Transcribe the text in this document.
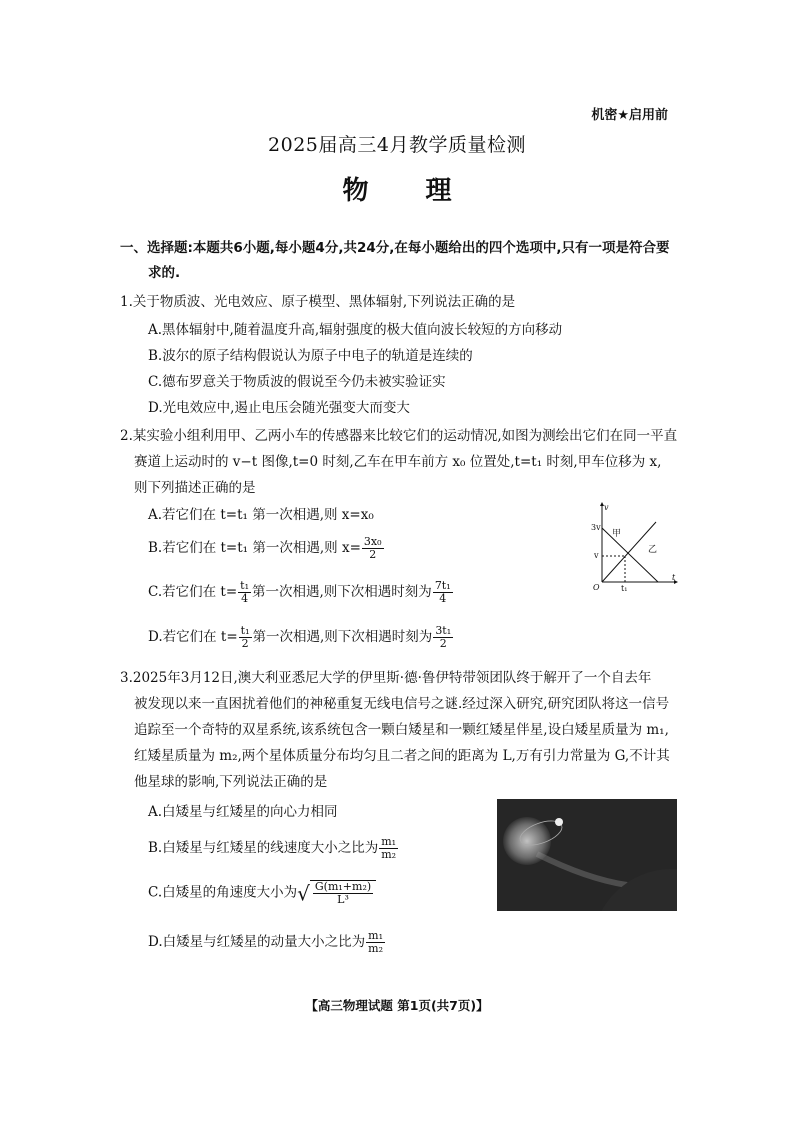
机密★启用前
2025届高三4月教学质量检测
物 理
一、选择题:本题共6小题,每小题4分,共24分,在每小题给出的四个选项中,只有一项是符合要
求的.
1.关于物质波、光电效应、原子模型、黑体辐射,下列说法正确的是
A.黑体辐射中,随着温度升高,辐射强度的极大值向波长较短的方向移动
B.波尔的原子结构假说认为原子中电子的轨道是连续的
C.德布罗意关于物质波的假说至今仍未被实验证实
D.光电效应中,遏止电压会随光强变大而变大
2.某实验小组利用甲、乙两小车的传感器来比较它们的运动情况,如图为测绘出它们在同一平直
赛道上运动时的 v−t 图像,t=0 时刻,乙车在甲车前方 x₀ 位置处,t=t₁ 时刻,甲车位移为 x,
则下列描述正确的是
A.若它们在 t=t₁ 第一次相遇,则 x=x₀
B.若它们在 t=t₁ 第一次相遇,则 $x= \frac{\text{3x₀}}{2}$
C.若它们在 $t= \frac{\text{t₁}}{4}$ 第一次相遇,则下次相遇时刻为 $\frac{\text{7t₁}}{4}$
D.若它们在 $t= \frac{\text{t₁}}{2}$ 第一次相遇,则下次相遇时刻为 $\frac{\text{3t₁}}{2}$
v
t
O
3v
v
t₁
甲
乙
3.2025年3月12日,澳大利亚悉尼大学的伊里斯·德·鲁伊特带领团队终于解开了一个自去年
被发现以来一直困扰着他们的神秘重复无线电信号之谜.经过深入研究,研究团队将这一信号
追踪至一个奇特的双星系统,该系统包含一颗白矮星和一颗红矮星伴星,设白矮星质量为 m₁,
红矮星质量为 m₂,两个星体质量分布均匀且二者之间的距离为 L,万有引力常量为 G,不计其
他星球的影响,下列说法正确的是
A.白矮星与红矮星的向心力相同
B.白矮星与红矮星的线速度大小之比为 $\frac{\text{m₁}}{\text{m₂}}$
C.白矮星的角速度大小为√ $\frac{\text{G(m₁+m₂)}}{\text{L³}}$
D.白矮星与红矮星的动量大小之比为 $\frac{\text{m₁}}{\text{m₂}}$
【高三物理试题 第1页(共7页)】
